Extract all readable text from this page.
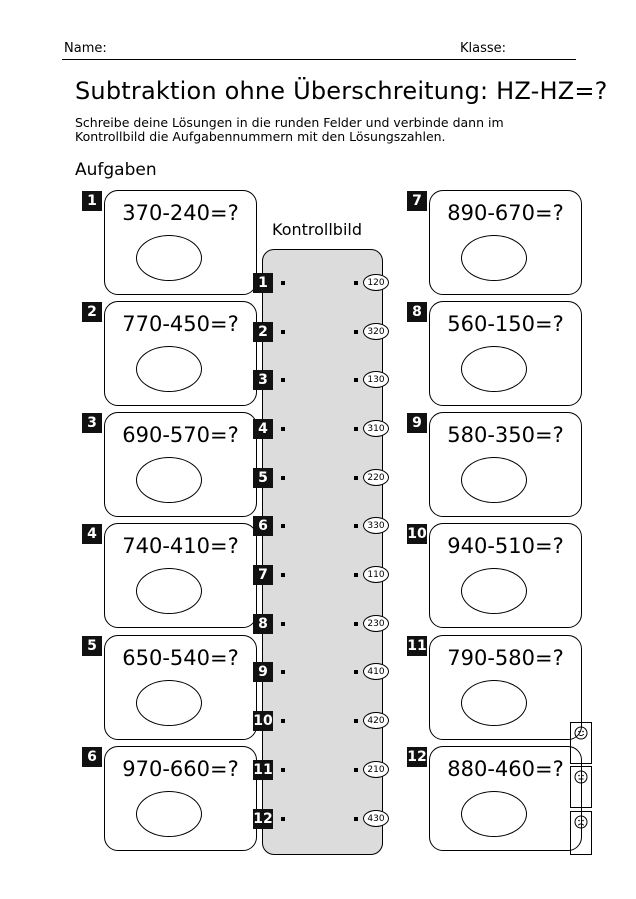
Name:	Klasse:
Subtraktion ohne Überschreitung: HZ-HZ=?
Schreibe deine Lösungen in die runden Felder und verbinde dann im Kontrollbild die Aufgabennummern mit den Lösungszahlen.
Aufgaben
370-240=?
770-450=?
690-570=?
740-410=?
650-540=?
970-660=?
1
2
3
4
5
6
890-670=?
560-150=?
580-350=?
940-510=?
790-580=?
880-460=?
7
8
9
10
11
12
Kontrollbild
1
2
3
4
5
6
7
8
9
10
11
12
120
320
130
310
220
330
110
230
410
420
210
430
